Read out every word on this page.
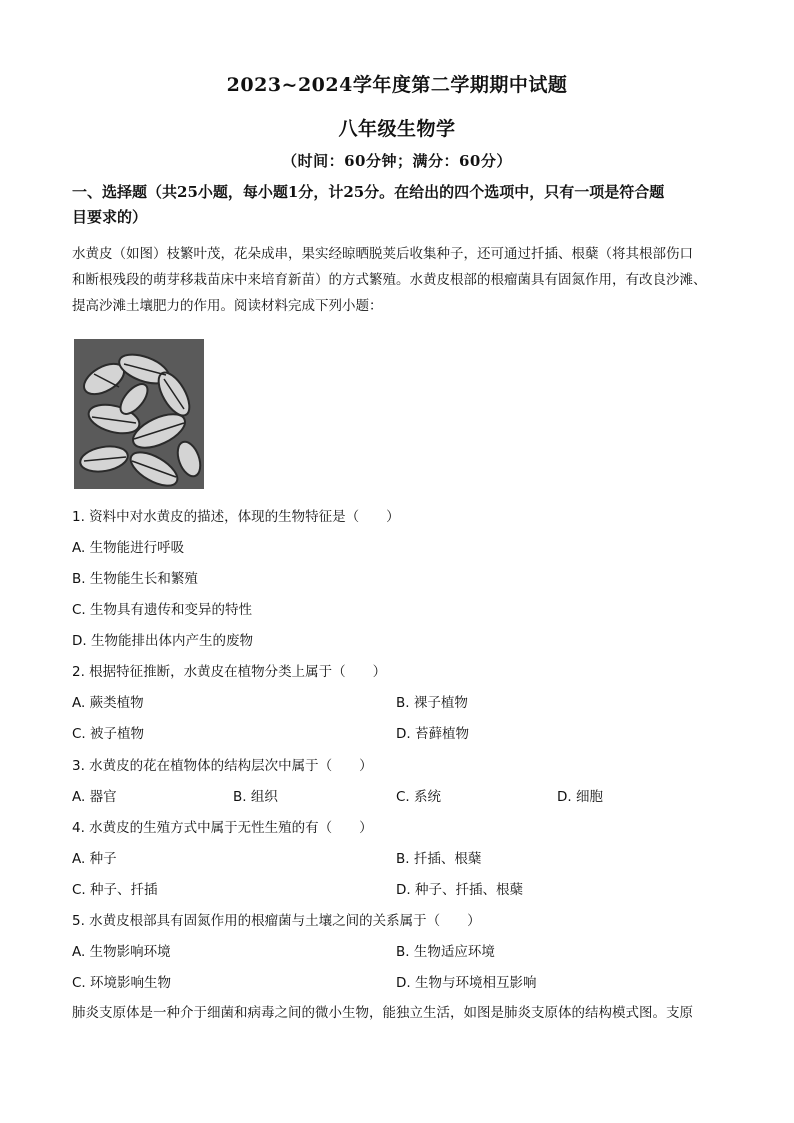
2023~2024学年度第二学期期中试题
八年级生物学
（时间：60分钟；满分：60分）
一、选择题（共25小题，每小题1分，计25分。在给出的四个选项中，只有一项是符合题
目要求的）
水黄皮（如图）枝繁叶茂，花朵成串，果实经晾晒脱荚后收集种子，还可通过扦插、根蘖（将其根部伤口
和断根残段的萌芽移栽苗床中来培育新苗）的方式繁殖。水黄皮根部的根瘤菌具有固氮作用，有改良沙滩、
提高沙滩土壤肥力的作用。阅读材料完成下列小题：
1. 资料中对水黄皮的描述，体现的生物特征是（　　）
A. 生物能进行呼吸
B. 生物能生长和繁殖
C. 生物具有遗传和变异的特性
D. 生物能排出体内产生的废物
2. 根据特征推断，水黄皮在植物分类上属于（　　）
A. 蕨类植物	B. 裸子植物
C. 被子植物	D. 苔藓植物
3. 水黄皮的花在植物体的结构层次中属于（　　）
A. 器官	B. 组织	C. 系统	D. 细胞
4. 水黄皮的生殖方式中属于无性生殖的有（　　）
A. 种子	B. 扦插、根蘖
C. 种子、扦插	D. 种子、扦插、根蘖
5. 水黄皮根部具有固氮作用的根瘤菌与土壤之间的关系属于（　　）
A. 生物影响环境	B. 生物适应环境
C. 环境影响生物	D. 生物与环境相互影响
肺炎支原体是一种介于细菌和病毒之间的微小生物，能独立生活，如图是肺炎支原体的结构模式图。支原
